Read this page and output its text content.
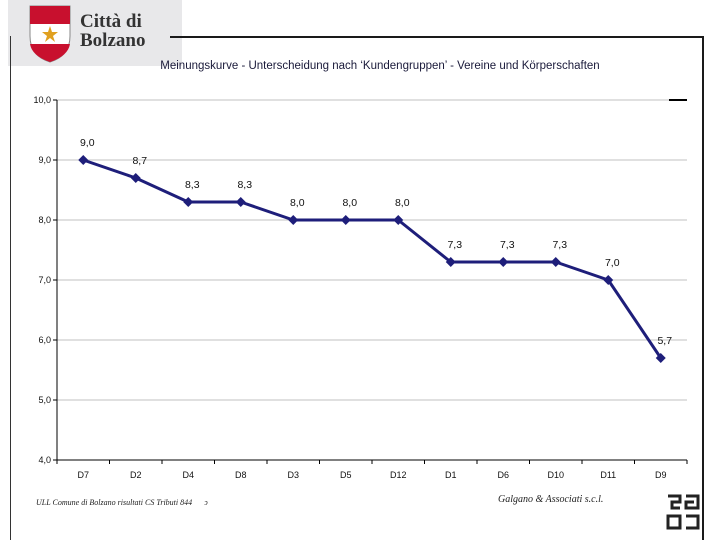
Città di
Bolzano
Meinungskurve - Unterscheidung nach ‘Kundengruppen’ - Vereine und Körperschaften
4,0
5,0
6,0
7,0
8,0
9,0
10,0
D7	D2	D4	D8	D3	D5	D12	D1	D6	D10	D11	D9
9,0
8,7
8,3	8,3
8,0	8,0	8,0
7,3	7,3	7,3
7,0
5,7
ULL Comune di Bolzano risultati CS Tributi 844 ↄ	Galgano & Associati s.c.l.
